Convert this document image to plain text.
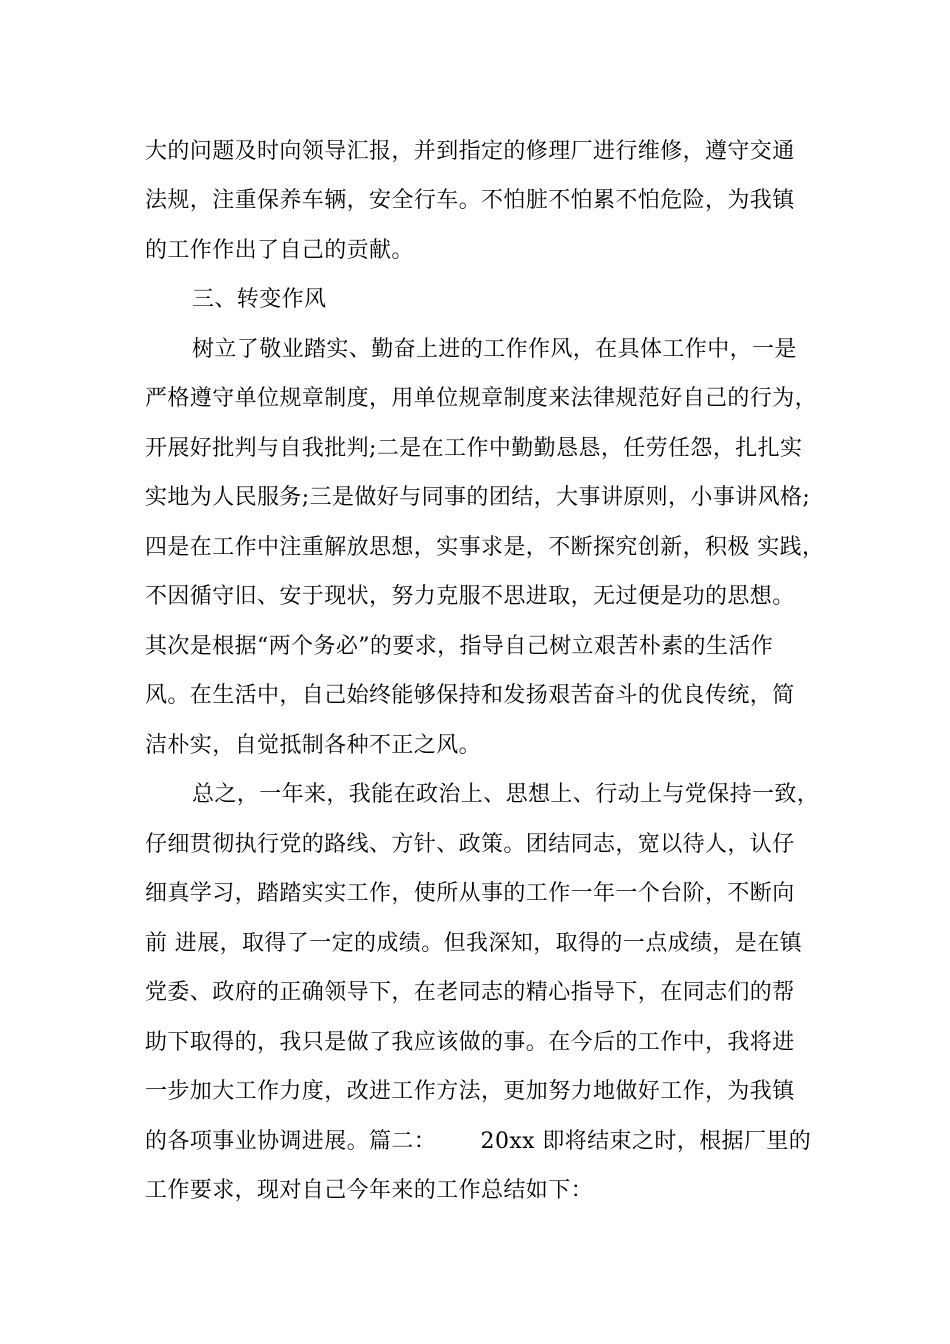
大的问题及时向领导汇报，并到指定的修理厂进行维修，遵守交通
法规，注重保养车辆，安全行车。不怕脏不怕累不怕危险，为我镇
的工作作出了自己的贡献。
三、转变作风
树立了敬业踏实、勤奋上进的工作作风，在具体工作中，一是
严格遵守单位规章制度，用单位规章制度来法律规范好自己的行为，
开展好批判与自我批判;二是在工作中勤勤恳恳，任劳任怨，扎扎实
实地为人民服务;三是做好与同事的团结，大事讲原则，小事讲风格;
四是在工作中注重解放思想，实事求是，不断探究创新，积极 实践，
不因循守旧、安于现状，努力克服不思进取，无过便是功的思想。
其次是根据“两个务必”的要求，指导自己树立艰苦朴素的生活作
风。在生活中，自己始终能够保持和发扬艰苦奋斗的优良传统，简
洁朴实，自觉抵制各种不正之风。
总之，一年来，我能在政治上、思想上、行动上与党保持一致，
仔细贯彻执行党的路线、方针、政策。团结同志，宽以待人，认仔
细真学习，踏踏实实工作，使所从事的工作一年一个台阶，不断向
前 进展，取得了一定的成绩。但我深知，取得的一点成绩，是在镇
党委、政府的正确领导下，在老同志的精心指导下，在同志们的帮
助下取得的，我只是做了我应该做的事。在今后的工作中，我将进
一步加大工作力度，改进工作方法，更加努力地做好工作，为我镇
的各项事业协调进展。篇二：      20xx 即将结束之时，根据厂里的
工作要求，现对自己今年来的工作总结如下：
